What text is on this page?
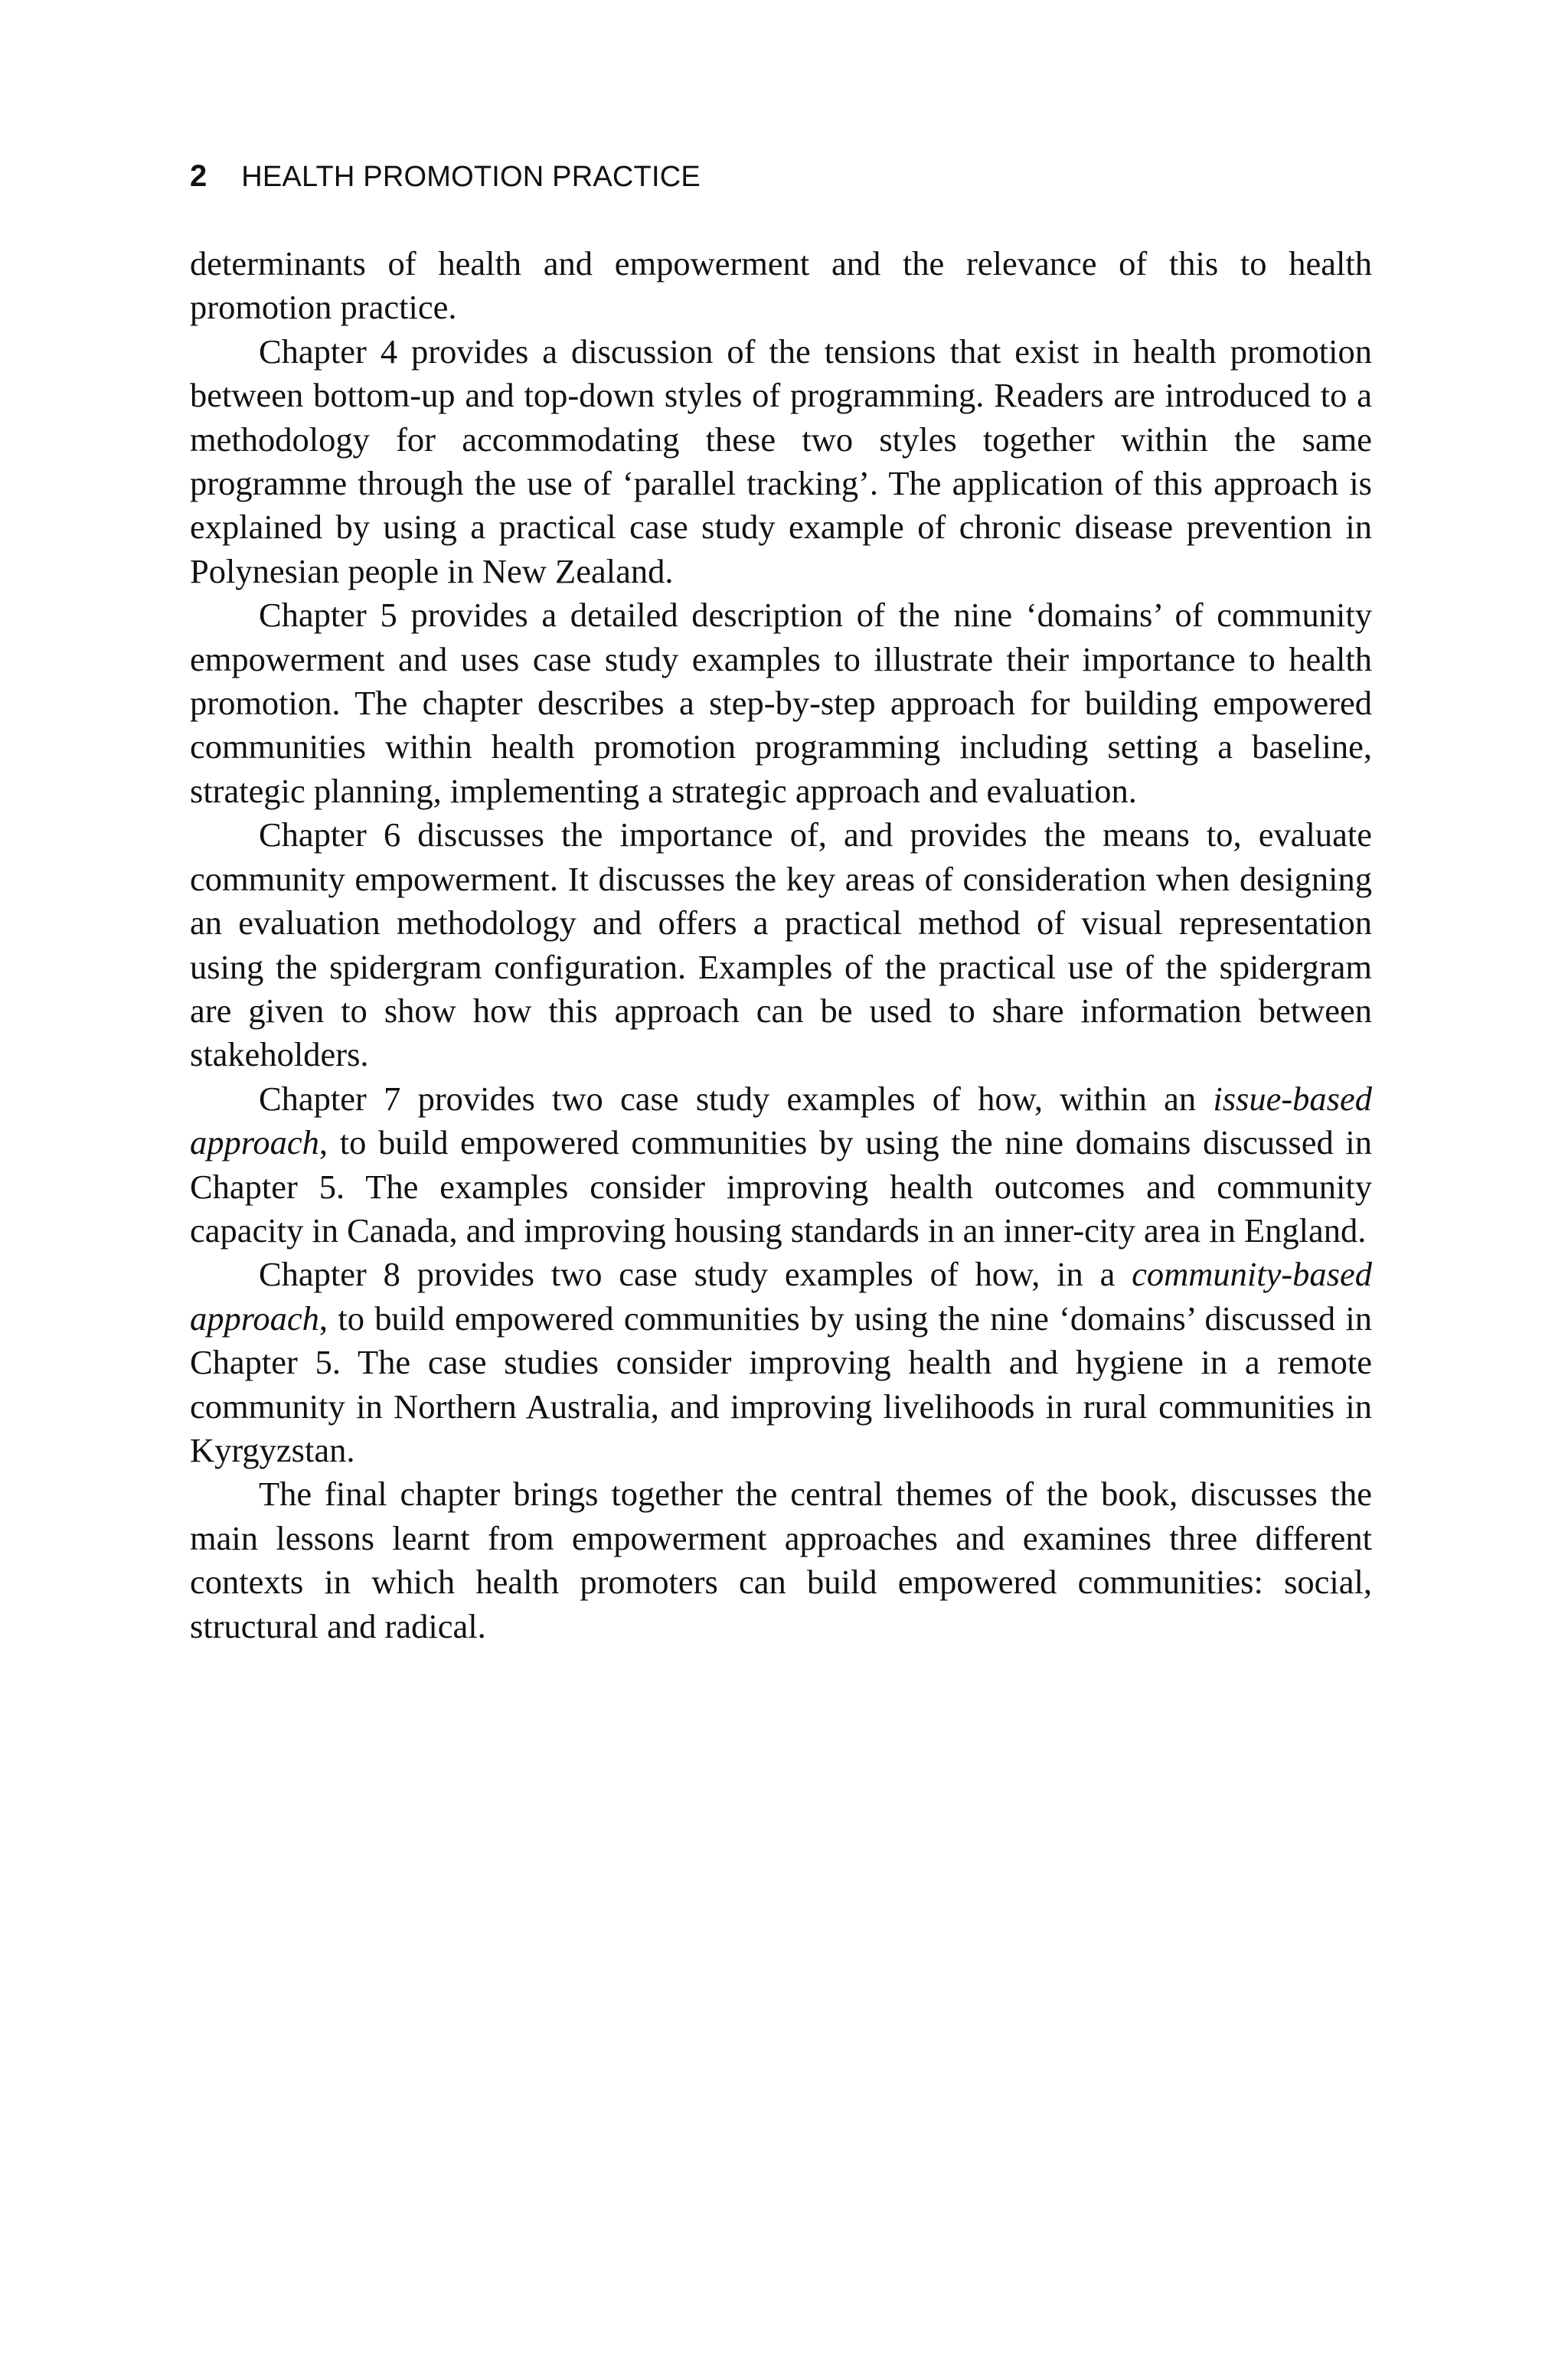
2 HEALTH PROMOTION PRACTICE

determinants of health and empowerment and the relevance of this to health promotion practice.

Chapter 4 provides a discussion of the tensions that exist in health promotion between bottom-up and top-down styles of programming. Readers are introduced to a methodology for accommodating these two styles together within the same programme through the use of ‘parallel tracking’. The application of this approach is explained by using a practical case study example of chronic disease prevention in Polynesian people in New Zealand.

Chapter 5 provides a detailed description of the nine ‘domains’ of community empowerment and uses case study examples to illustrate their importance to health promotion. The chapter describes a step-by-step approach for building empowered communities within health promotion programming including setting a baseline, strategic planning, implementing a strategic approach and evaluation.

Chapter 6 discusses the importance of, and provides the means to, evaluate community empowerment. It discusses the key areas of consideration when designing an evaluation methodology and offers a practical method of visual representation using the spidergram configuration. Examples of the practical use of the spidergram are given to show how this approach can be used to share information between stakeholders.

Chapter 7 provides two case study examples of how, within an issue-based approach, to build empowered communities by using the nine domains discussed in Chapter 5. The examples consider improving health outcomes and community capacity in Canada, and improving housing standards in an inner-city area in England.

Chapter 8 provides two case study examples of how, in a community-based approach, to build empowered communities by using the nine ‘domains’ discussed in Chapter 5. The case studies consider improving health and hygiene in a remote community in Northern Australia, and improving livelihoods in rural communities in Kyrgyzstan.

The final chapter brings together the central themes of the book, discusses the main lessons learnt from empowerment approaches and examines three different contexts in which health promoters can build empowered communities: social, structural and radical.
